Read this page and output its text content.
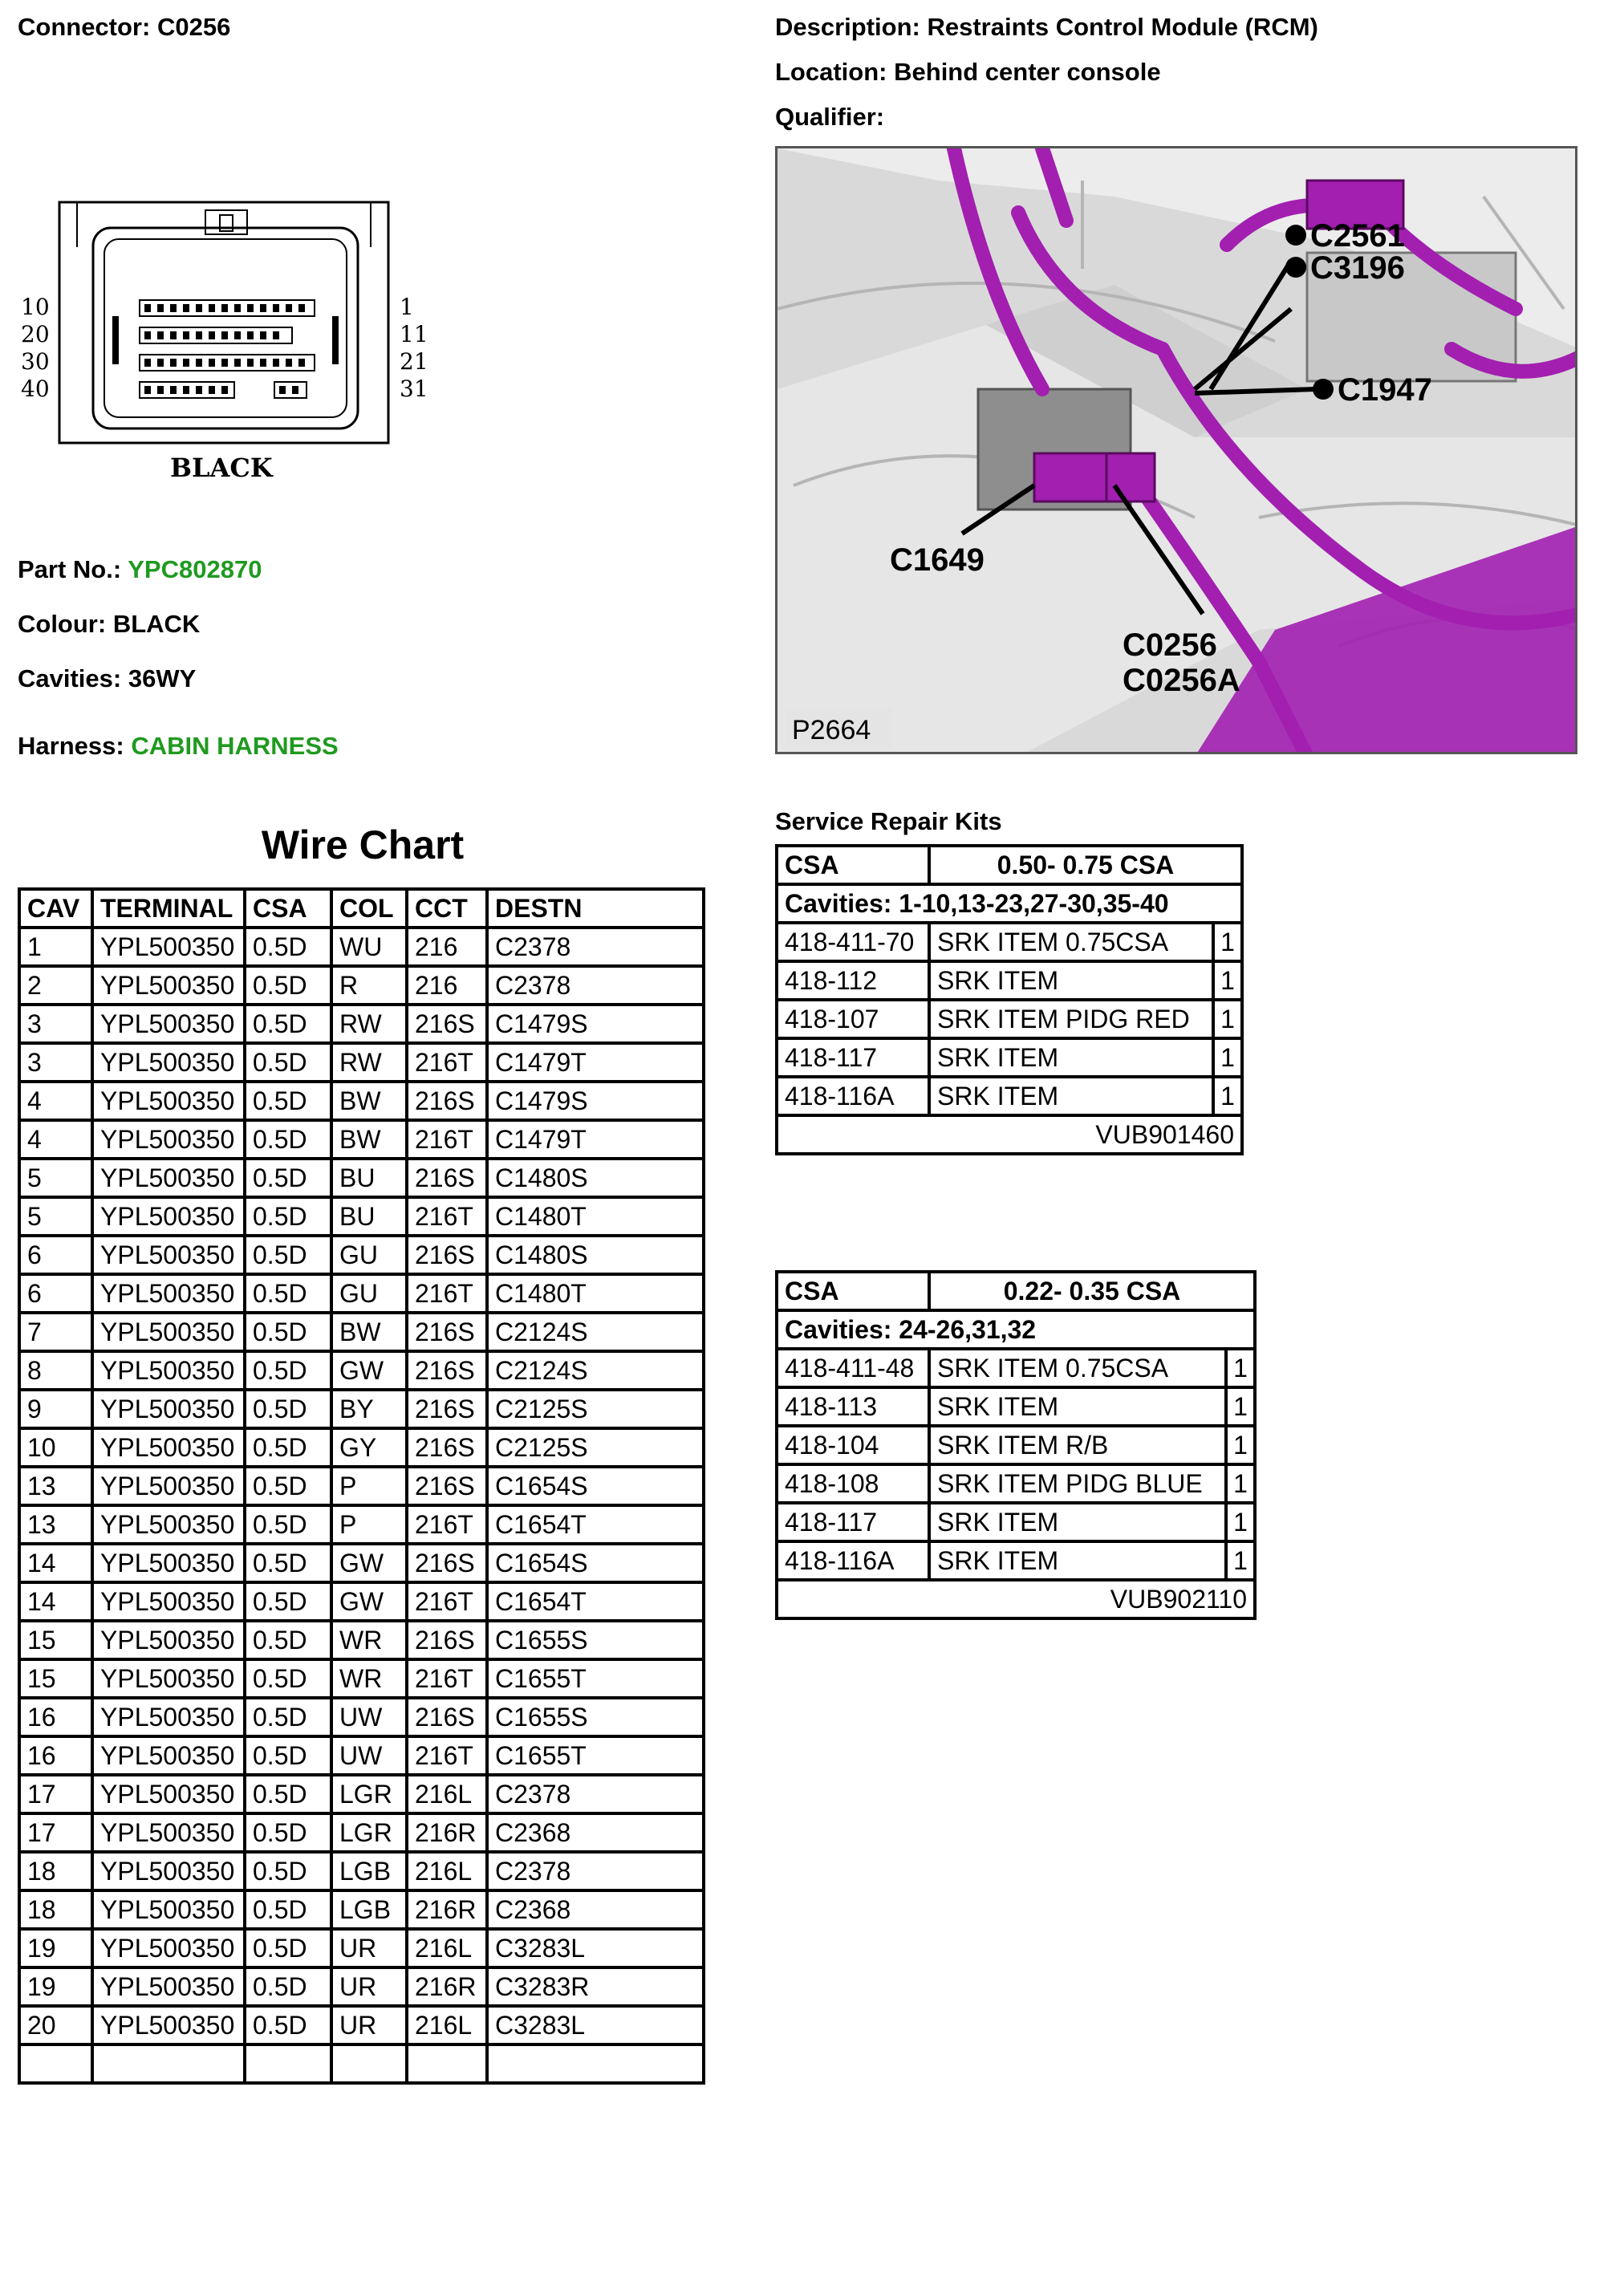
Connector: C0256	Description: Restraints Control Module (RCM)
Location: Behind center console
Qualifier:
10
20
30
40
1
11
21
31
BLACK
Part No.: YPC802870
Colour: BLACK
Cavities: 36WY
Harness: CABIN HARNESS
C2561
C3196
C1947
C1649
C0256
C0256A
P2664
Wire Chart
CAV	TERMINAL	CSA	COL	CCT	DESTN
1	YPL500350	0.5D	WU	216	C2378
2	YPL500350	0.5D	R	216	C2378
3	YPL500350	0.5D	RW	216S	C1479S
3	YPL500350	0.5D	RW	216T	C1479T
4	YPL500350	0.5D	BW	216S	C1479S
4	YPL500350	0.5D	BW	216T	C1479T
5	YPL500350	0.5D	BU	216S	C1480S
5	YPL500350	0.5D	BU	216T	C1480T
6	YPL500350	0.5D	GU	216S	C1480S
6	YPL500350	0.5D	GU	216T	C1480T
7	YPL500350	0.5D	BW	216S	C2124S
8	YPL500350	0.5D	GW	216S	C2124S
9	YPL500350	0.5D	BY	216S	C2125S
10	YPL500350	0.5D	GY	216S	C2125S
13	YPL500350	0.5D	P	216S	C1654S
13	YPL500350	0.5D	P	216T	C1654T
14	YPL500350	0.5D	GW	216S	C1654S
14	YPL500350	0.5D	GW	216T	C1654T
15	YPL500350	0.5D	WR	216S	C1655S
15	YPL500350	0.5D	WR	216T	C1655T
16	YPL500350	0.5D	UW	216S	C1655S
16	YPL500350	0.5D	UW	216T	C1655T
17	YPL500350	0.5D	LGR	216L	C2378
17	YPL500350	0.5D	LGR	216R	C2368
18	YPL500350	0.5D	LGB	216L	C2378
18	YPL500350	0.5D	LGB	216R	C2368
19	YPL500350	0.5D	UR	216L	C3283L
19	YPL500350	0.5D	UR	216R	C3283R
20	YPL500350	0.5D	UR	216L	C3283L

Service Repair Kits
CSA	0.50- 0.75 CSA	
Cavities: 1-10,13-23,27-30,35-40		
418-411-70	SRK ITEM 0.75CSA	1
418-112	SRK ITEM	1
418-107	SRK ITEM PIDG RED	1
418-117	SRK ITEM	1
418-116A	SRK ITEM	1
VUB901460		
CSA	0.22- 0.35 CSA	
Cavities: 24-26,31,32		
418-411-48	SRK ITEM 0.75CSA	1
418-113	SRK ITEM	1
418-104	SRK ITEM R/B	1
418-108	SRK ITEM PIDG BLUE	1
418-117	SRK ITEM	1
418-116A	SRK ITEM	1
VUB902110		
